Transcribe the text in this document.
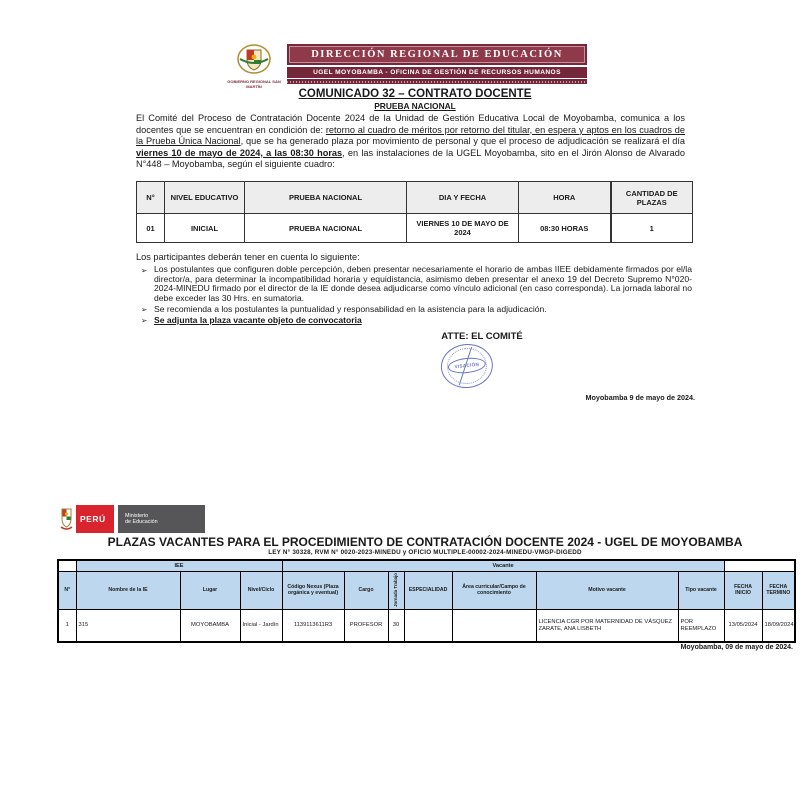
GOBIERNO REGIONAL SAN MARTÍN
DIRECCIÓN REGIONAL DE EDUCACIÓN
UGEL MOYOBAMBA - OFICINA DE GESTIÓN DE RECURSOS HUMANOS
COMUNICADO 32 – CONTRATO DOCENTE
PRUEBA NACIONAL
El Comité del Proceso de Contratación Docente 2024 de la Unidad de Gestión Educativa Local de Moyobamba, comunica a los docentes que se encuentran en condición de: retorno al cuadro de méritos por retorno del titular, en espera y aptos en los cuadros de la Prueba Única Nacional, que se ha generado plaza por movimiento de personal y que el proceso de adjudicación se realizará el día viernes 10 de mayo de 2024, a las 08:30 horas, en las instalaciones de la UGEL Moyobamba, sito en el Jirón Alonso de Alvarado N°448 – Moyobamba, según el siguiente cuadro:
N°	NIVEL EDUCATIVO	PRUEBA NACIONAL	DIA Y FECHA	HORA	CANTIDAD DE PLAZAS
01	INICIAL	PRUEBA NACIONAL	VIERNES 10 DE MAYO DE 2024	08:30 HORAS	1
Los participantes deberán tener en cuenta lo siguiente:
➢ Los postulantes que configuren doble percepción, deben presentar necesariamente el horario de ambas IIEE debidamente firmados por el/la director/a, para determinar la incompatibilidad horaria y equidistancia, asimismo deben presentar el anexo 19 del Decreto Supremo N°020-2024-MINEDU firmado por el director de la IE donde desea adjudicarse como vínculo adicional (en caso corresponda). La jornada laboral no debe exceder las 30 Hrs. en sumatoria.
➢ Se recomienda a los postulantes la puntualidad y responsabilidad en la asistencia para la adjudicación.
➢ Se adjunta la plaza vacante objeto de convocatoria
ATTE: EL COMITÉ
VISACIÓN
Moyobamba 9 de mayo de 2024.
PERÚ	Ministerio
de Educación
PLAZAS VACANTES PARA EL PROCEDIMIENTO DE CONTRATACIÓN DOCENTE 2024 - UGEL DE MOYOBAMBA
LEY N° 30328, RVM N° 0020-2023-MINEDU y OFICIO MULTIPLE-00002-2024-MINEDU-VMGP-DIGEDD
	IEE			Vacante								
N°	Nombre de la IE	Lugar	Nivel/Ciclo	Código Nexus (Plaza orgánica y eventual)	Cargo	Jornada Trabajo	ESPECIALIDAD	Área curricular/Campo de conocimiento	Motivo vacante	Tipo vacante	FECHA INICIO	FECHA TERMINO
1	315	MOYOBAMBA	Inicial - Jardín	1139113611R3	PROFESOR	30			LICENCIA CGR POR MATERNIDAD DE VÁSQUEZ ZARATE, ANA LISBETH	POR REEMPLAZO	13/05/2024	18/09/2024
Moyobamba, 09 de mayo de 2024.
